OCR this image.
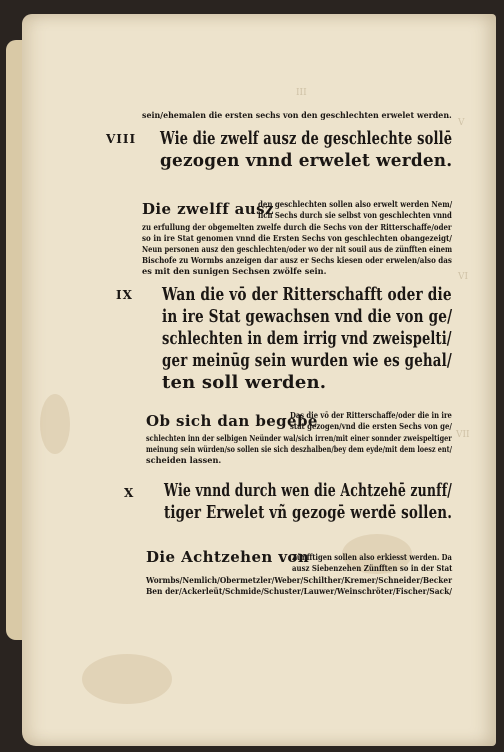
III
V
VI
VII
sein/ehemalen die ersten sechs von den geschlechten erwelet werden.
VIII Wie die zwelf ausz de geschlechte sollē
gezogen vnnd erwelet werden.
Die zwelff ausz
den geschlechten sollen also erwelt werden Nem/
lich Sechs durch sie selbst von geschlechten vnnd
zu erfullung der obgemelten zwelfe durch die Sechs von der Ritterschaffe/oder
so in ire Stat genomen vnnd die Ersten Sechs von geschlechten obangezeigt/
Neun personen ausz den geschlechten/oder wo der nit souil aus de zünfften einem
Bischofe zu Wormbs anzeigen dar ausz er Sechs kiesen oder erwelen/also das
es mit den sunigen Sechsen zwölfe sein.
IX Wan die vō der Ritterschafft oder die
in ire Stat gewachsen vnd die von ge/
schlechten in dem irrig vnd zweispelti/
ger meinūg sein wurden wie es gehal/
ten soll werden.
Ob sich dan begebe
Das die vō der Ritterschaffe/oder die in ire
stat gezogen/vnd die ersten Sechs von ge/
schlechten inn der selbigen Neünder wal/sich irren/mit einer sonnder zweispeltiger
meinung sein würden/so sollen sie sich deszhalben/bey dem eyde/mit dem loesz ent/
scheiden lassen.
X Wie vnnd durch wen die Achtzehē zunff/
tiger Erwelet vñ gezogē werdē sollen.
Die Achtzehen von
Zünfftigen sollen also erkiesst werden. Da
ausz Siebenzehen Zünfften so in der Stat
Wormbs/Nemlich/Obermetzler/Weber/Schilther/Kremer/Schneider/Becker
Ben der/Ackerleüt/Schmide/Schuster/Lauwer/Weinschröter/Fischer/Sack/
